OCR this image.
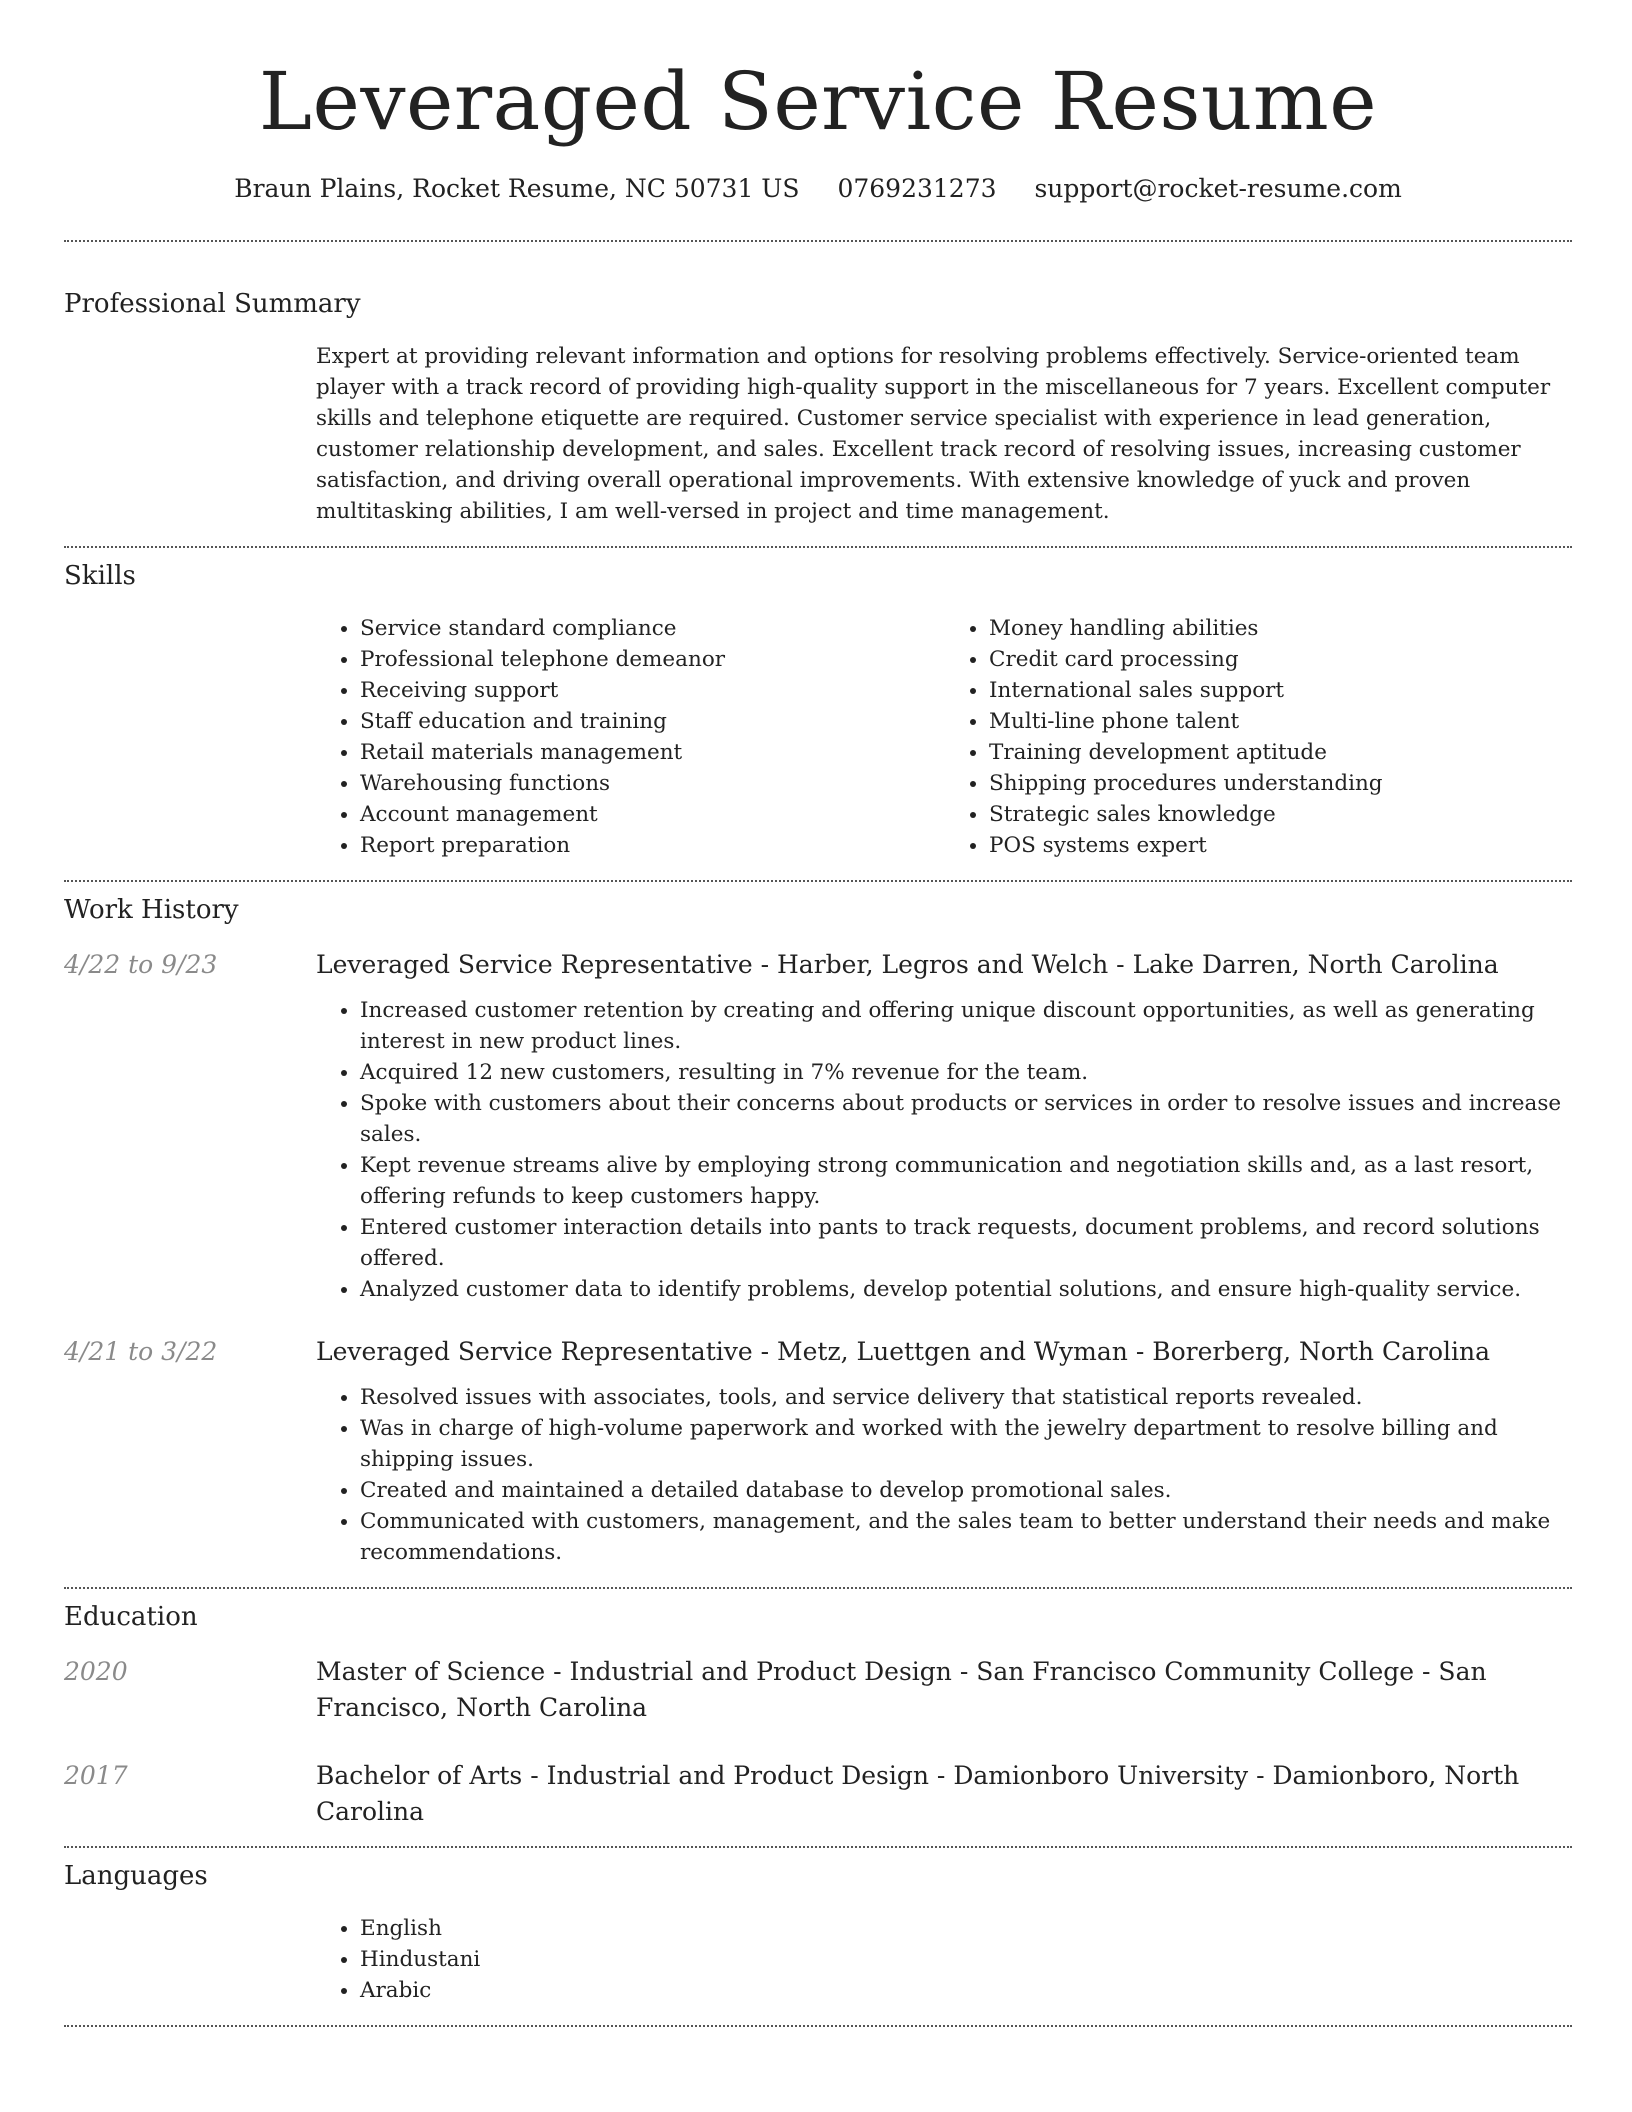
Leveraged Service Resume
Braun Plains, Rocket Resume, NC 50731 US 0769231273 support@rocket-resume.com
Professional Summary

Expert at providing relevant information and options for resolving problems effectively. Service-oriented team player with a track record of providing high-quality support in the miscellaneous for 7 years. Excellent computer skills and telephone etiquette are required. Customer service specialist with experience in lead generation, customer relationship development, and sales. Excellent track record of resolving issues, increasing customer satisfaction, and driving overall operational improvements. With extensive knowledge of yuck and proven multitasking abilities, I am well-versed in project and time management.

Skills
• Service standard compliance
• Professional telephone demeanor
• Receiving support
• Staff education and training
• Retail materials management
• Warehousing functions
• Account management
• Report preparation
• Money handling abilities
• Credit card processing
• International sales support
• Multi-line phone talent
• Training development aptitude
• Shipping procedures understanding
• Strategic sales knowledge
• POS systems expert
Work History
4/22 to 9/23	Leveraged Service Representative - Harber, Legros and Welch - Lake Darren, North Carolina
• Increased customer retention by creating and offering unique discount opportunities, as well as generating interest in new product lines.
• Acquired 12 new customers, resulting in 7% revenue for the team.
• Spoke with customers about their concerns about products or services in order to resolve issues and increase sales.
• Kept revenue streams alive by employing strong communication and negotiation skills and, as a last resort, offering refunds to keep customers happy.
• Entered customer interaction details into pants to track requests, document problems, and record solutions offered.
• Analyzed customer data to identify problems, develop potential solutions, and ensure high-quality service.
4/21 to 3/22	Leveraged Service Representative - Metz, Luettgen and Wyman - Borerberg, North Carolina
• Resolved issues with associates, tools, and service delivery that statistical reports revealed.
• Was in charge of high-volume paperwork and worked with the jewelry department to resolve billing and shipping issues.
• Created and maintained a detailed database to develop promotional sales.
• Communicated with customers, management, and the sales team to better understand their needs and make recommendations.
Education
2020	Master of Science - Industrial and Product Design - San Francisco Community College - San Francisco, North Carolina
2017	Bachelor of Arts - Industrial and Product Design - Damionboro University - Damionboro, North Carolina
Languages
• English
• Hindustani
• Arabic
